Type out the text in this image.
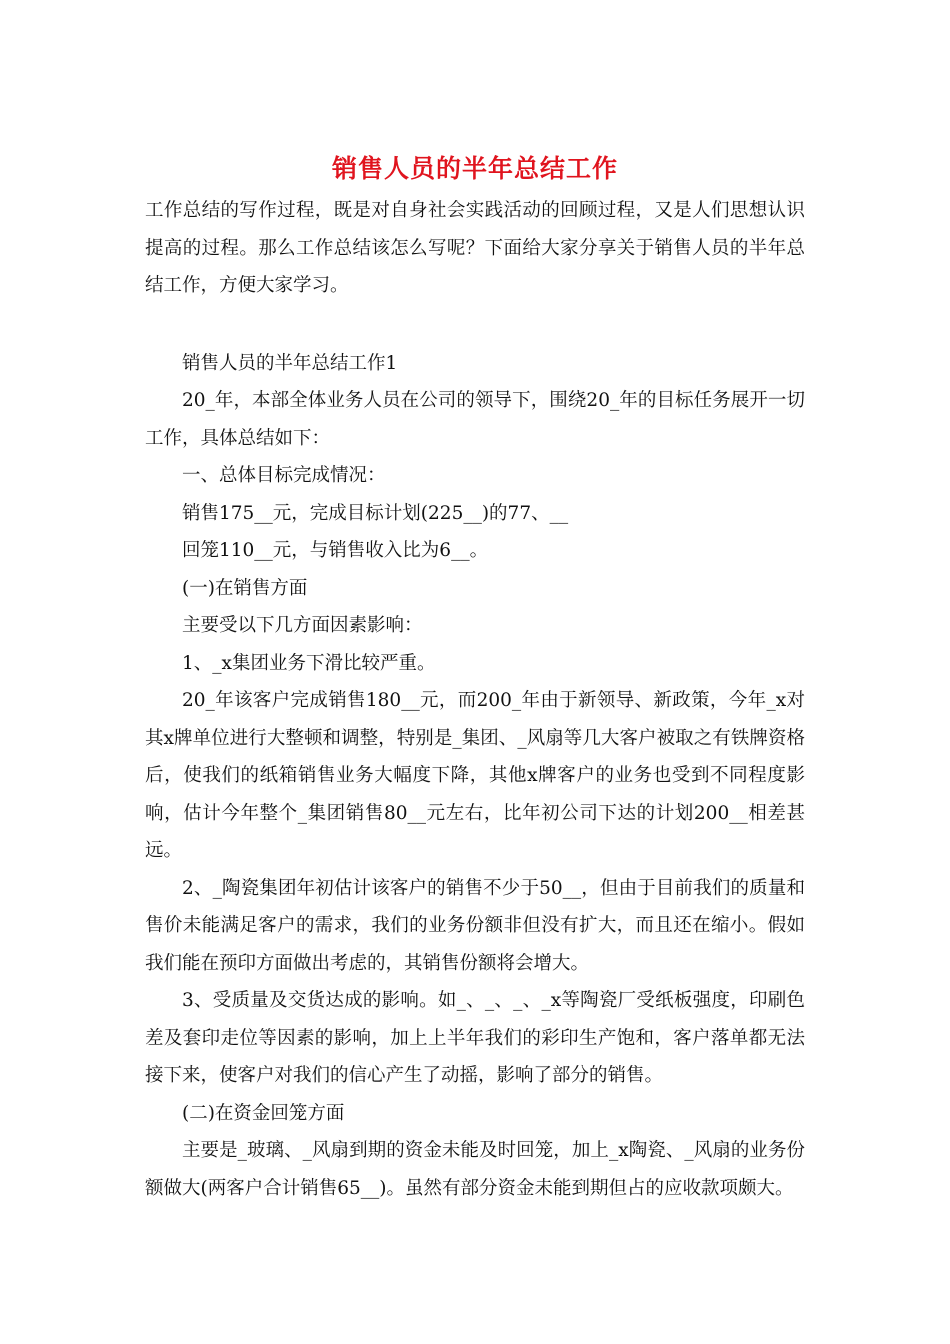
销售人员的半年总结工作

工作总结的写作过程，既是对自身社会实践活动的回顾过程，又是人们思想认识提高的过程。那么工作总结该怎么写呢？下面给大家分享关于销售人员的半年总结工作，方便大家学习。

销售人员的半年总结工作1

20_年，本部全体业务人员在公司的领导下，围绕20_年的目标任务展开一切工作，具体总结如下：

一、总体目标完成情况：

销售175__元，完成目标计划(225__)的77、__

回笼110__元，与销售收入比为6__。

(一)在销售方面

主要受以下几方面因素影响：

1、_x集团业务下滑比较严重。

20_年该客户完成销售180__元，而200_年由于新领导、新政策，今年_x对其x牌单位进行大整顿和调整，特别是_集团、_风扇等几大客户被取之有铁牌资格后，使我们的纸箱销售业务大幅度下降，其他x牌客户的业务也受到不同程度影响，估计今年整个_集团销售80__元左右，比年初公司下达的计划200__相差甚远。

2、_陶瓷集团年初估计该客户的销售不少于50__，但由于目前我们的质量和售价未能满足客户的需求，我们的业务份额非但没有扩大，而且还在缩小。假如我们能在预印方面做出考虑的，其销售份额将会增大。

3、受质量及交货达成的影响。如_、_、_、_x等陶瓷厂受纸板强度，印刷色差及套印走位等因素的影响，加上上半年我们的彩印生产饱和，客户落单都无法接下来，使客户对我们的信心产生了动摇，影响了部分的销售。

(二)在资金回笼方面

主要是_玻璃、_风扇到期的资金未能及时回笼，加上_x陶瓷、_风扇的业务份额做大(两客户合计销售65__)。虽然有部分资金未能到期但占的应收款项颇大。
